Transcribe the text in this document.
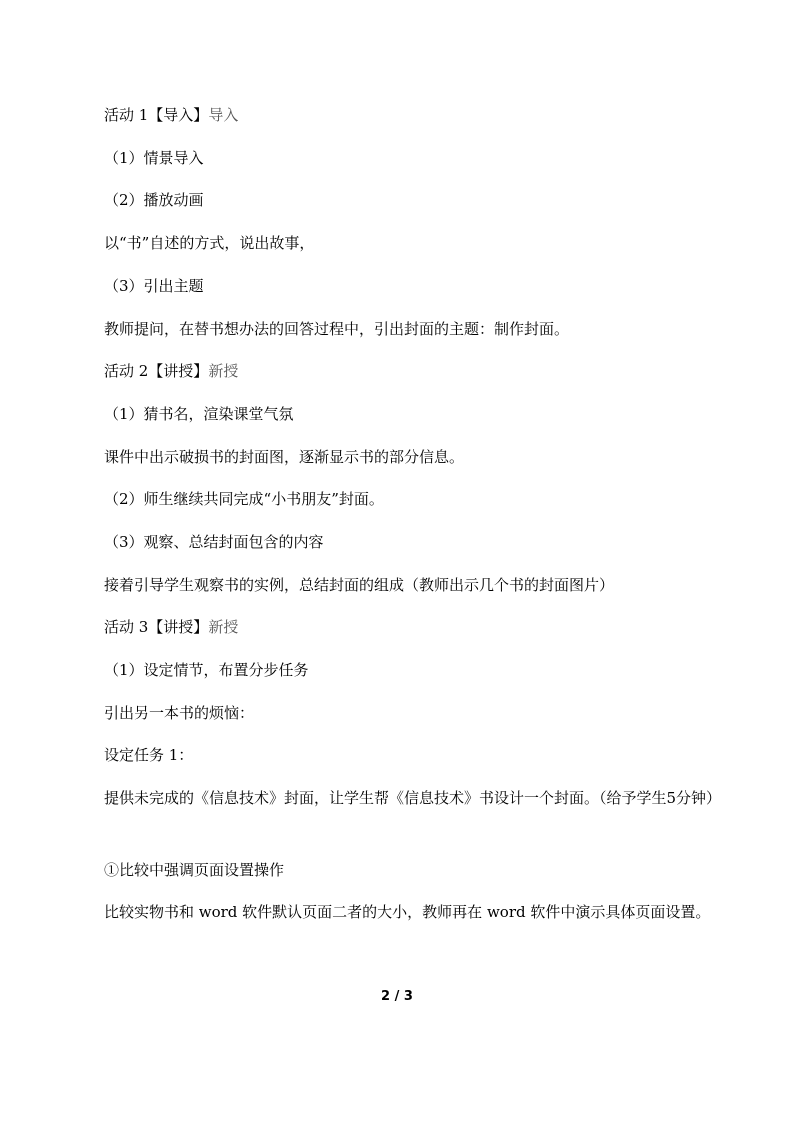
活动 1【导入】导入
（1）情景导入
（2）播放动画
以“书”自述的方式，说出故事，
（3）引出主题
教师提问，在替书想办法的回答过程中，引出封面的主题：制作封面。
活动 2【讲授】新授
（1）猜书名，渲染课堂气氛
课件中出示破损书的封面图，逐渐显示书的部分信息。
（2）师生继续共同完成“小书朋友”封面。
（3）观察、总结封面包含的内容
接着引导学生观察书的实例，总结封面的组成（教师出示几个书的封面图片）
活动 3【讲授】新授
（1）设定情节，布置分步任务
引出另一本书的烦恼：
设定任务 1：
提供未完成的《信息技术》封面，让学生帮《信息技术》书设计一个封面。（给予学生5分钟）
①比较中强调页面设置操作
比较实物书和 word 软件默认页面二者的大小，教师再在 word 软件中演示具体页面设置。
2 / 3
